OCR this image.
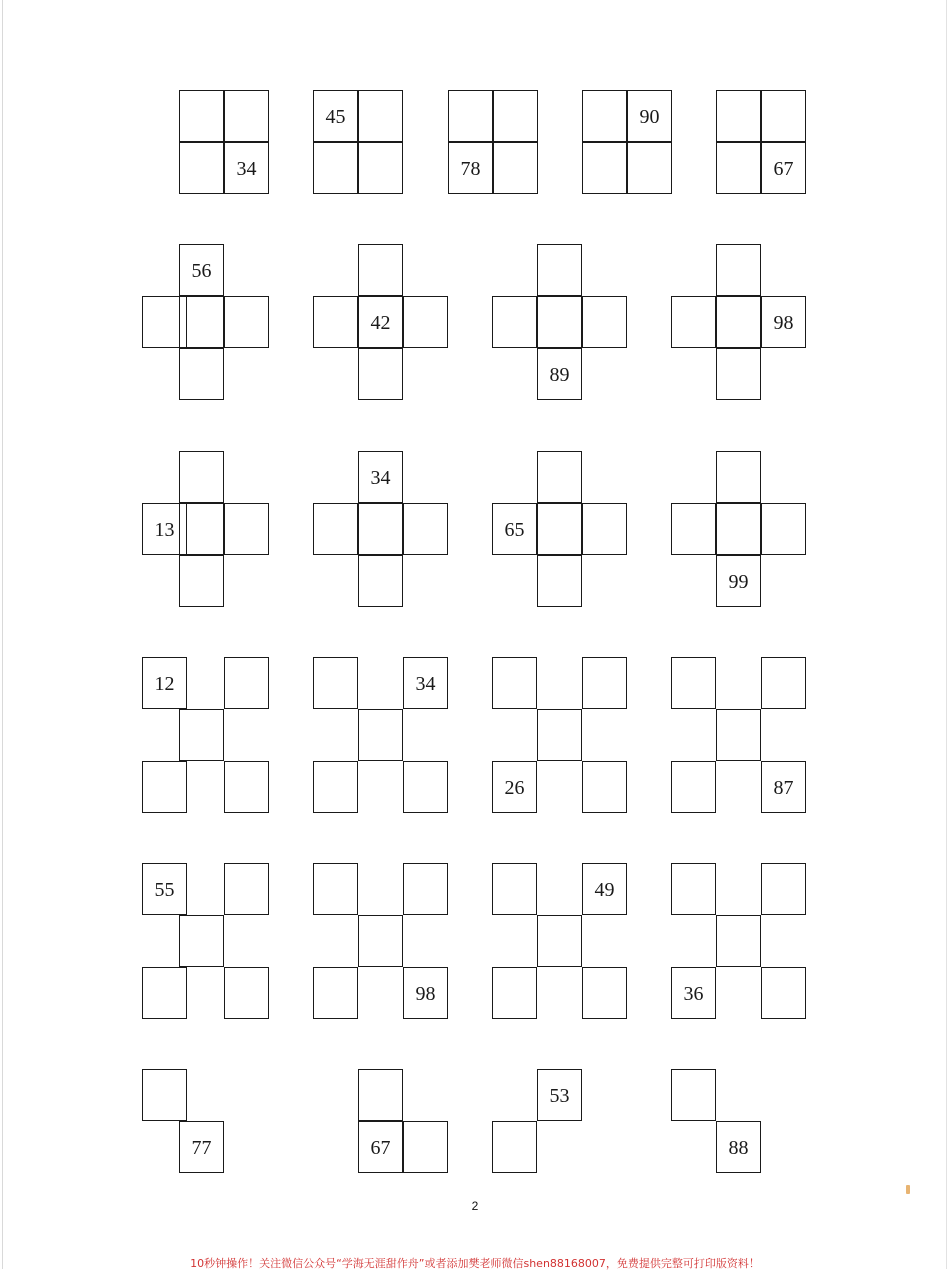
34
45
78
90
67
56
42
89
98
13
34
65
99
12	34
26	87
55
98
49
36
77	67
53
88
2
10秒钟操作！关注微信公众号“学海无涯甜作舟”或者添加樊老师微信shen88168007，免费提供完整可打印版资料！
